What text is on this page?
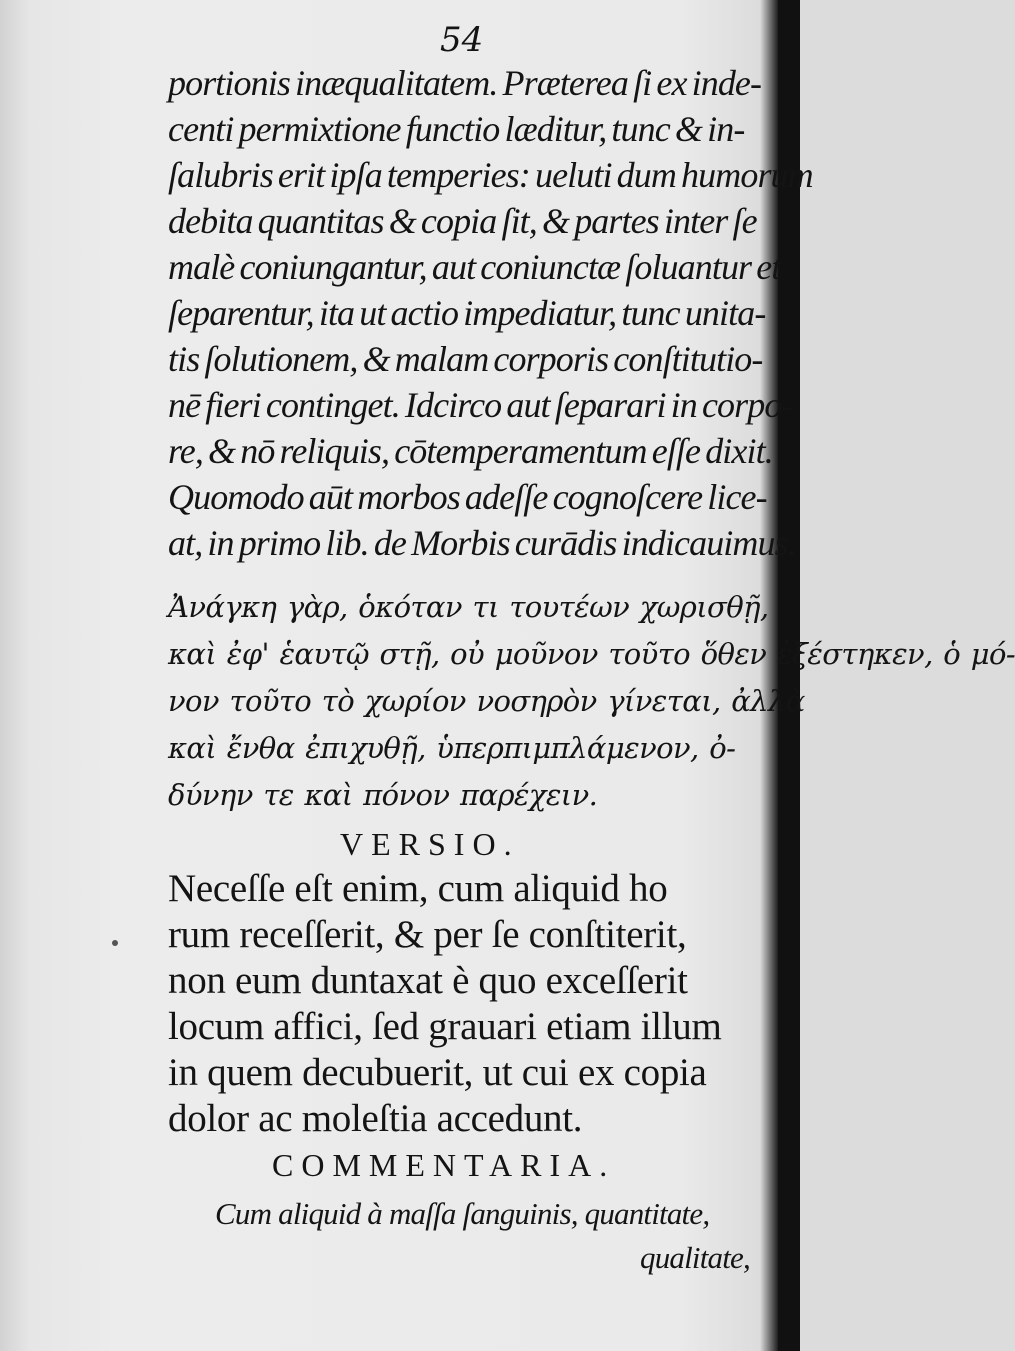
54
portionis inæqualitatem. Præterea ſi ex inde-
centi permixtione functio læditur, tunc & in-
ſalubris erit ipſa temperies: ueluti dum humorum
debita quantitas & copia ſit, & partes inter ſe
malè coniungantur, aut coniunctæ ſoluantur et
ſeparentur, ita ut actio impediatur, tunc unita-
tis ſolutionem, & malam corporis conſtitutio-
nē fieri continget. Idcirco aut ſeparari in corpo-
re, & nō reliquis, cōtemperamentum eſſe dixit.
Quomodo aūt morbos adeſſe cognoſcere lice-
at, in primo lib. de Morbis curādis indicauimus.
Ἀνάγκη γὰρ, ὁκόταν τι τουτέων χωρισθῇ,
καὶ ἐφ' ἑαυτῷ στῇ, οὐ μοῦνον τοῦτο ὅθεν ἐξέστηκεν, ὁ μό-
νον τοῦτο τὸ χωρίον νοσηρὸν γίνεται, ἀλλὰ
καὶ ἔνθα ἐπιχυθῇ, ὑπερπιμπλάμενον, ὀ-
δύνην τε καὶ πόνον παρέχειν.
VERSIO.
Neceſſe eſt enim, cum aliquid ho
rum receſſerit, & per ſe conſtiterit,
non eum duntaxat è quo exceſſerit
locum affici, ſed grauari etiam illum
in quem decubuerit, ut cui ex copia
dolor ac moleſtia accedunt.
COMMENTARIA.
Cum aliquid à maſſa ſanguinis, quantitate,
qualitate,
